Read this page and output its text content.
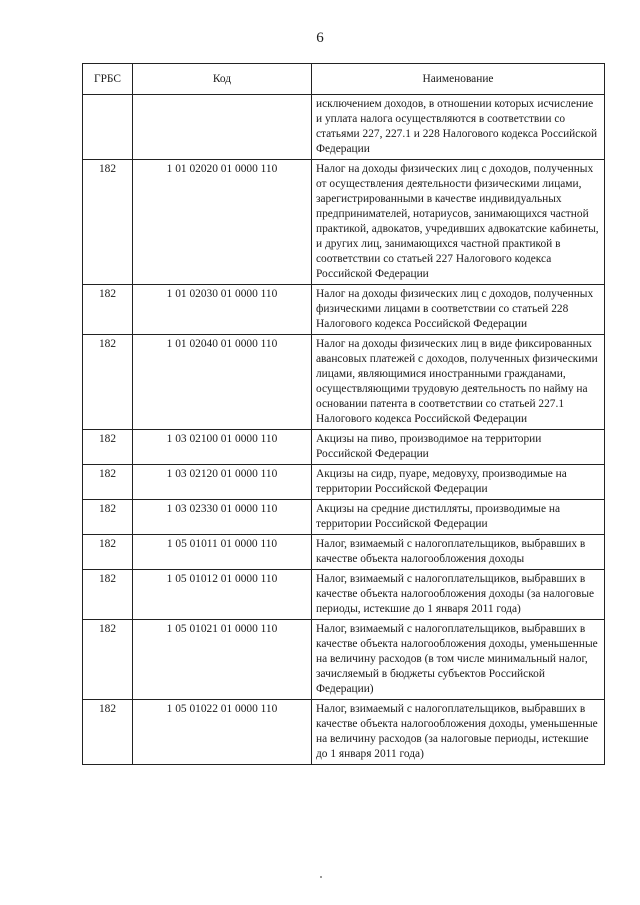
6
ГРБС	Код	Наименование
		исключением доходов, в отношении которых исчисление и уплата налога осуществляются в соответствии со статьями 227, 227.1 и 228 Налогового кодекса Российской Федерации
182	1 01 02020 01 0000 110	Налог на доходы физических лиц с доходов, полученных от осуществления деятельности физическими лицами, зарегистрированными в качестве индивидуальных предпринимателей, нотариусов, занимающихся частной практикой, адвокатов, учредивших адвокатские кабинеты, и других лиц, занимающихся частной практикой в соответствии со статьей 227 Налогового кодекса Российской Федерации
182	1 01 02030 01 0000 110	Налог на доходы физических лиц с доходов, полученных физическими лицами в соответствии со статьей 228 Налогового кодекса Российской Федерации
182	1 01 02040 01 0000 110	Налог на доходы физических лиц в виде фиксированных авансовых платежей с доходов, полученных физическими лицами, являющимися иностранными гражданами, осуществляющими трудовую деятельность по найму на основании патента в соответствии со статьей 227.1 Налогового кодекса Российской Федерации
182	1 03 02100 01 0000 110	Акцизы на пиво, производимое на территории Российской Федерации
182	1 03 02120 01 0000 110	Акцизы на сидр, пуаре, медовуху, производимые на территории Российской Федерации
182	1 03 02330 01 0000 110	Акцизы на средние дистилляты, производимые на территории Российской Федерации
182	1 05 01011 01 0000 110	Налог, взимаемый с налогоплательщиков, выбравших в качестве объекта налогообложения доходы
182	1 05 01012 01 0000 110	Налог, взимаемый с налогоплательщиков, выбравших в качестве объекта налогообложения доходы (за налоговые периоды, истекшие до 1 января 2011 года)
182	1 05 01021 01 0000 110	Налог, взимаемый с налогоплательщиков, выбравших в качестве объекта налогообложения доходы, уменьшенные на величину расходов (в том числе минимальный налог, зачисляемый в бюджеты субъектов Российской Федерации)
182	1 05 01022 01 0000 110	Налог, взимаемый с налогоплательщиков, выбравших в качестве объекта налогообложения доходы, уменьшенные на величину расходов (за налоговые периоды, истекшие до 1 января 2011 года)
